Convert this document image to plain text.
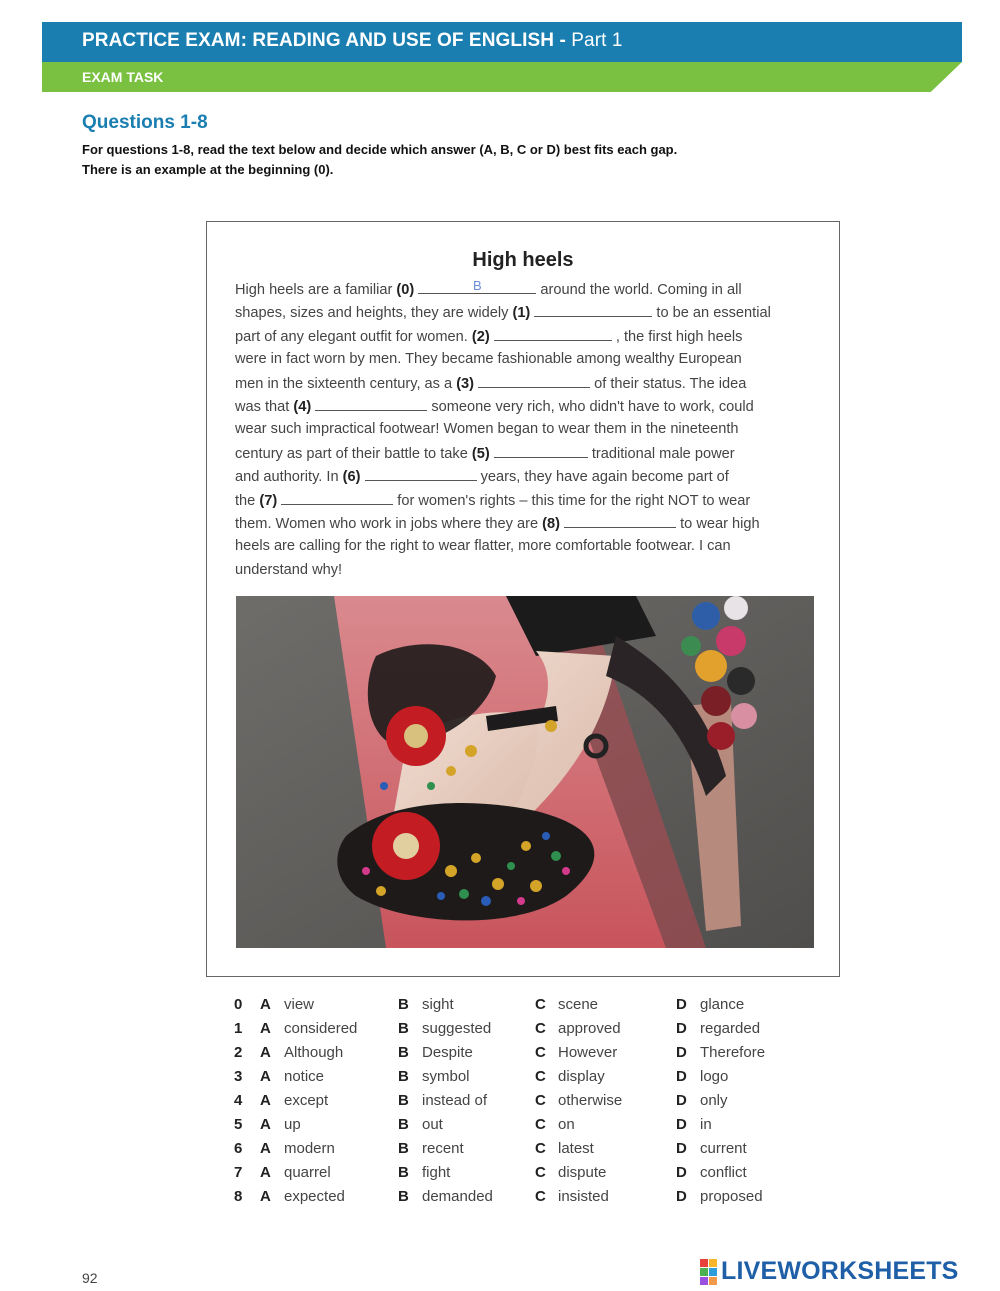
PRACTICE EXAM: READING AND USE OF ENGLISH - Part 1
EXAM TASK
Questions 1-8
For questions 1-8, read the text below and decide which answer (A, B, C or D) best fits each gap.
There is an example at the beginning (0).
High heels
High heels are a familiar (0)	B	around the world. Coming in all
shapes, sizes and heights, they are widely (1)	to be an essential
part of any elegant outfit for women. (2)	, the first high heels
were in fact worn by men. They became fashionable among wealthy European
men in the sixteenth century, as a (3)	of their status. The idea
was that (4)	someone very rich, who didn't have to work, could
wear such impractical footwear! Women began to wear them in the nineteenth
century as part of their battle to take (5)	traditional male power
and authority. In (6)	years, they have again become part of
the (7)	for women's rights – this time for the right NOT to wear
them. Women who work in jobs where they are (8)	to wear high
heels are calling for the right to wear flatter, more comfortable footwear. I can
understand why!
0 A view	B sight	C scene	D glance
1 A considered	B suggested	C approved	D regarded
2 A Although	B Despite	C However	D Therefore
3 A notice	B symbol	C display	D logo
4 A except	B instead of	C otherwise	D only
5 A up	B out	C on	D in
6 A modern	B recent	C latest	D current
7 A quarrel	B fight	C dispute	D conflict
8 A expected	B demanded	C insisted	D proposed
92	LIVEWORKSHEETS
